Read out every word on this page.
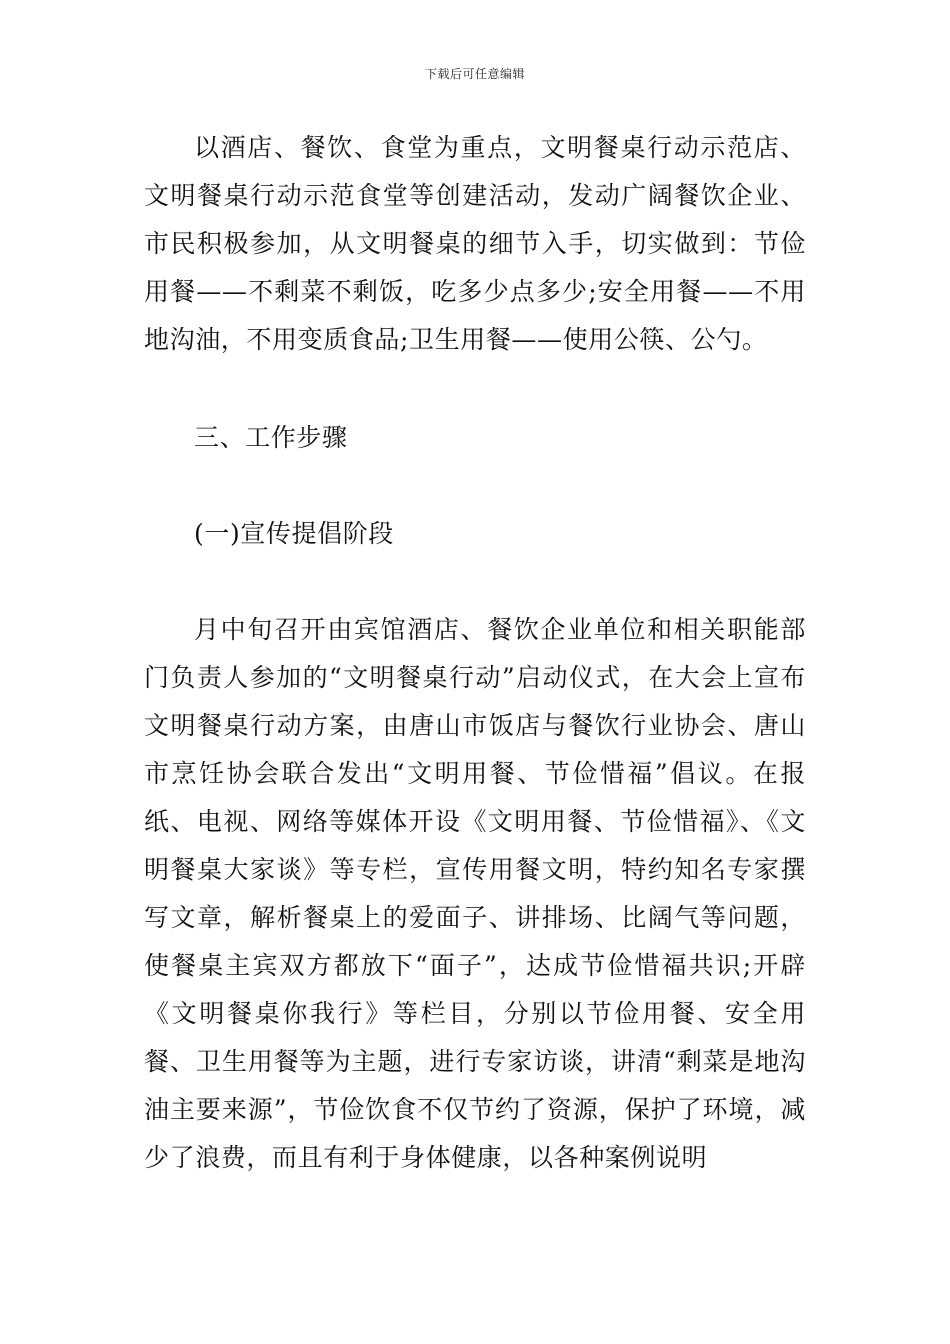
下载后可任意编辑

以酒店、餐饮、食堂为重点，文明餐桌行动示范店、文明餐桌行动示范食堂等创建活动，发动广阔餐饮企业、市民积极参加，从文明餐桌的细节入手，切实做到：节俭用餐——不剩菜不剩饭，吃多少点多少;安全用餐——不用地沟油，不用变质食品;卫生用餐——使用公筷、公勺。

三、工作步骤

(一)宣传提倡阶段

月中旬召开由宾馆酒店、餐饮企业单位和相关职能部门负责人参加的“文明餐桌行动”启动仪式，在大会上宣布文明餐桌行动方案，由唐山市饭店与餐饮行业协会、唐山市烹饪协会联合发出“文明用餐、节俭惜福”倡议。在报纸、电视、网络等媒体开设《文明用餐、节俭惜福》、《文明餐桌大家谈》等专栏，宣传用餐文明，特约知名专家撰写文章，解析餐桌上的爱面子、讲排场、比阔气等问题，使餐桌主宾双方都放下“面子”，达成节俭惜福共识;开辟《文明餐桌你我行》等栏目，分别以节俭用餐、安全用餐、卫生用餐等为主题，进行专家访谈，讲清“剩菜是地沟油主要来源”，节俭饮食不仅节约了资源，保护了环境，减少了浪费，而且有利于身体健康，以各种案例说明
